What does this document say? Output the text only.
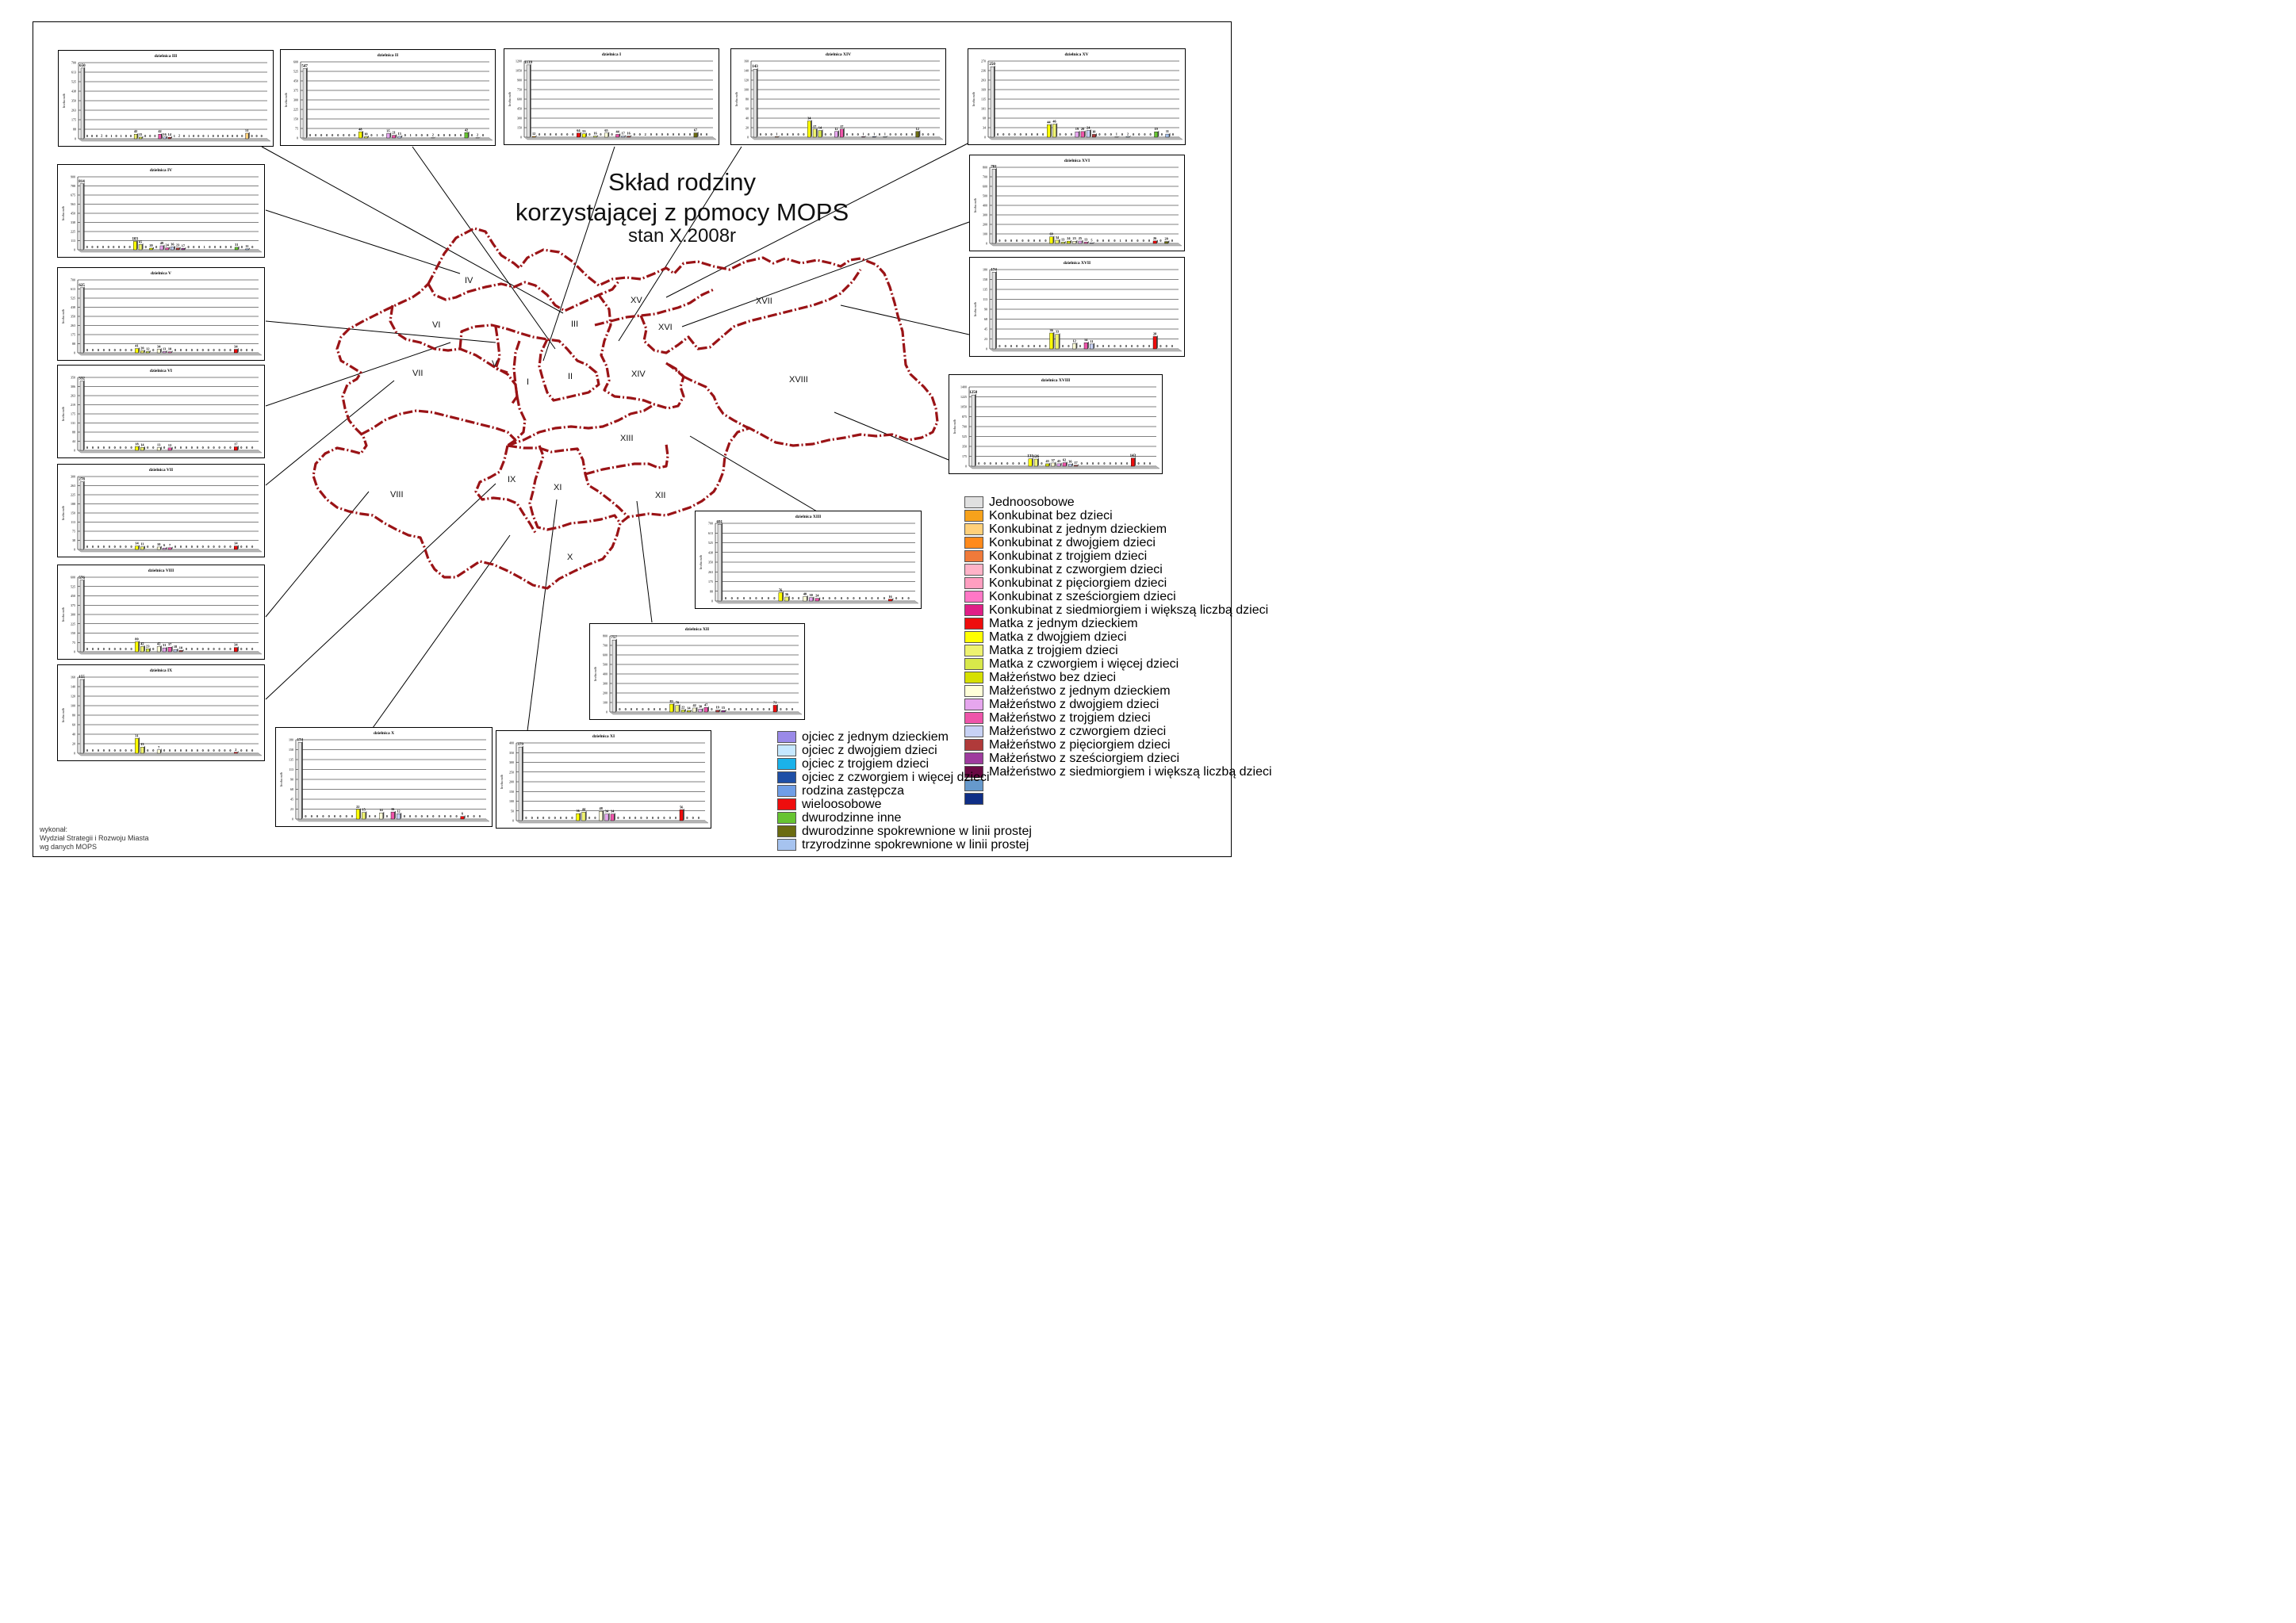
I
II
III
IV
V
VI
VII
VIII
IX
X
XI
XII
XIII
XIV
XV
XVI
XVII
XVIII
Skład rodziny
korzystającej z pomocy MOPS
stan X.2008r
wykonał:
Wydział Strategii i Rozwoju Miasta
wg danych MOPS
dzielnica III
0
88
175
263
350
438
525
613
700
liczba osób
650
0 0 0 2 0 1 0 1 0 0
42
15 0 0 0
42
16 14 1 2 0 1 0 0 0 1 0 0 0 0 0 0 0
51
0 0 0
dzielnica II
0
75
150
225
300
375
450
525
600
liczba osób
547
0 0 0 0 0 0 0 0 0
48
10 0 1 0
35 21 13 0 1 0 0 0 2 0 0 0 0 0
42
0 2 0
dzielnica I
0
150
300
450
600
750
900
1050
1200
liczba osób
1139
12 0 0 0 0 0 0 0
64 53
0 16 0
65
0
44 17 16 0 0 2 0 0 0 0 0 0 0 0
67
0 0
dzielnica XIV
0
20
40
60
80
100
120
140
160
liczba osób
143
0 0 0 1 0 0 0 0 0
34
17 14
0 0
12
17
0 0 0 1 0 1 0 1 0 0 0 0 0
12
0 0 0
dzielnica XV
0
34
68
101
135
169
203
236
270
liczba osób
250
0 0 0 0 0 0 0 0 0
44 46
0 0 0
19 20 24
10
0 0 0 1 0 2 0 0 0 0
19
0
11
0
dzielnica IV
0
113
225
338
450
563
675
788
900
liczba osób
814
0 0 0 0 0 0 0 0 0
103
65
0 20 0
49
24 36 23 17 0 0 0 1 0 0 0 0 0
31
0 11 0
dzielnica XVI
0
100
200
300
400
500
600
700
800
liczba osób
781
0 0 0 0 0 0 0 0 0
69
34
13 24 23 25 13 5 0 0 0 0 1 0 0 0 0 0
26
0 20 0
dzielnica V
0
88
175
263
350
438
525
613
700
liczba osób
625
0 0 0 0 0 0 0 0 0
41
20 12 0
34
13 10 0 0 0 0 0 0 0 0 0 0 0
34
0 0 0
dzielnica XVII
0
23
45
68
90
113
135
158
180
liczba osób
174
0 0 0 0 0 0 0 0 0
36 33
0 0
12
0
14 11
0 0 0 0 0 0 0 0 0 0
28
0 0 0
dzielnica VI
0
44
88
131
175
219
263
306
350
liczba osób
332
0 0 0 0 0 0 0 0 0
18 14
0 0
13
0
12
0 0 0 0 0 0 0 0 0 0 0
17
0 0 0
dzielnica XVIII
0
175
350
525
700
875
1050
1225
1400
liczba osób
1258
0 0 0 0 0 0 0 0 0
131 126
0
43 57 43 62 36 17 0 0 0 0 0 0 0 0 0
143
0 0 0
dzielnica VII
0
38
75
113
150
188
225
263
300
liczba osób
278
0 0 0 0 0 0 0 0 0
14 11
0 0
10 6 7 0 0 0 0 0 0 0 0 0 0 0
14
0 0 0
dzielnica VIII
0
75
150
225
300
375
450
525
600
liczba osób
576
0 0 0 0 0 0 0 0 0
80
42
23
0
42 31 37
18 10 0 0 0 0 0 0 0 0 0
34
0 0 0
dzielnica XIII
0
88
175
263
350
438
525
613
700
liczba osób
691
0 0 0 0 0 0 0 0 0
76
36
0 0
40 30 24
0 0 0 0 0 0 0 0 0 0 0 16 0 0 0
dzielnica IX
0
20
40
60
80
100
120
140
160
liczba osób
155
0 0 0 0 0 0 0 0 0
31
13
0 0
7
0 0 0 0 0 0 0 0 0 0 0 0 0 2 0 0 0
dzielnica XII
0
100
200
300
400
500
600
700
800
liczba osób
757
0 0 0 0 0 0 0 0 0
83 70
22 14
42 30 47
0 19 15 0 0 0 0 0 0 0 0
71
0 0 0
dzielnica X
0
23
45
68
90
113
135
158
180
liczba osób
174
0 0 0 0 0 0 0 0 0
22
15
0 0
14
0
16 12
0 0 0 0 0 0 0 0 0 0
6
0 0 0
dzielnica XI
0
50
100
150
200
250
300
350
400
liczba osób
379
0 0 0 0 0 0 0 0 0
36 44
0 0
48
34 34
0 0 0 0 0 0 0 0 0 0 0
56
0 0 0
Jednoosobowe
Konkubinat bez dzieci
Konkubinat z jednym dzieckiem
Konkubinat z dwojgiem dzieci
Konkubinat z trojgiem dzieci
Konkubinat z czworgiem dzieci
Konkubinat z pięciorgiem dzieci
Konkubinat z sześciorgiem dzieci
Konkubinat z siedmiorgiem i większą liczbą dzieci
Matka z jednym dzieckiem
Matka z dwojgiem dzieci
Matka z trojgiem dzieci
Matka z czworgiem i więcej dzieci
Małżeństwo bez dzieci
Małżeństwo z jednym dzieckiem
Małżeństwo z dwojgiem dzieci
Małżeństwo z trojgiem dzieci
Małżeństwo z czworgiem dzieci
Małżeństwo z pięciorgiem dzieci
Małżeństwo z sześciorgiem dzieci
Małżeństwo z siedmiorgiem i większą liczbą dzieci
ojciec z jednym dzieckiem
ojciec z dwojgiem dzieci
ojciec z trojgiem dzieci
ojciec z czworgiem i więcej dzieci
rodzina zastępcza
wieloosobowe
dwurodzinne inne
dwurodzinne spokrewnione w linii prostej
trzyrodzinne spokrewnione w linii prostej
